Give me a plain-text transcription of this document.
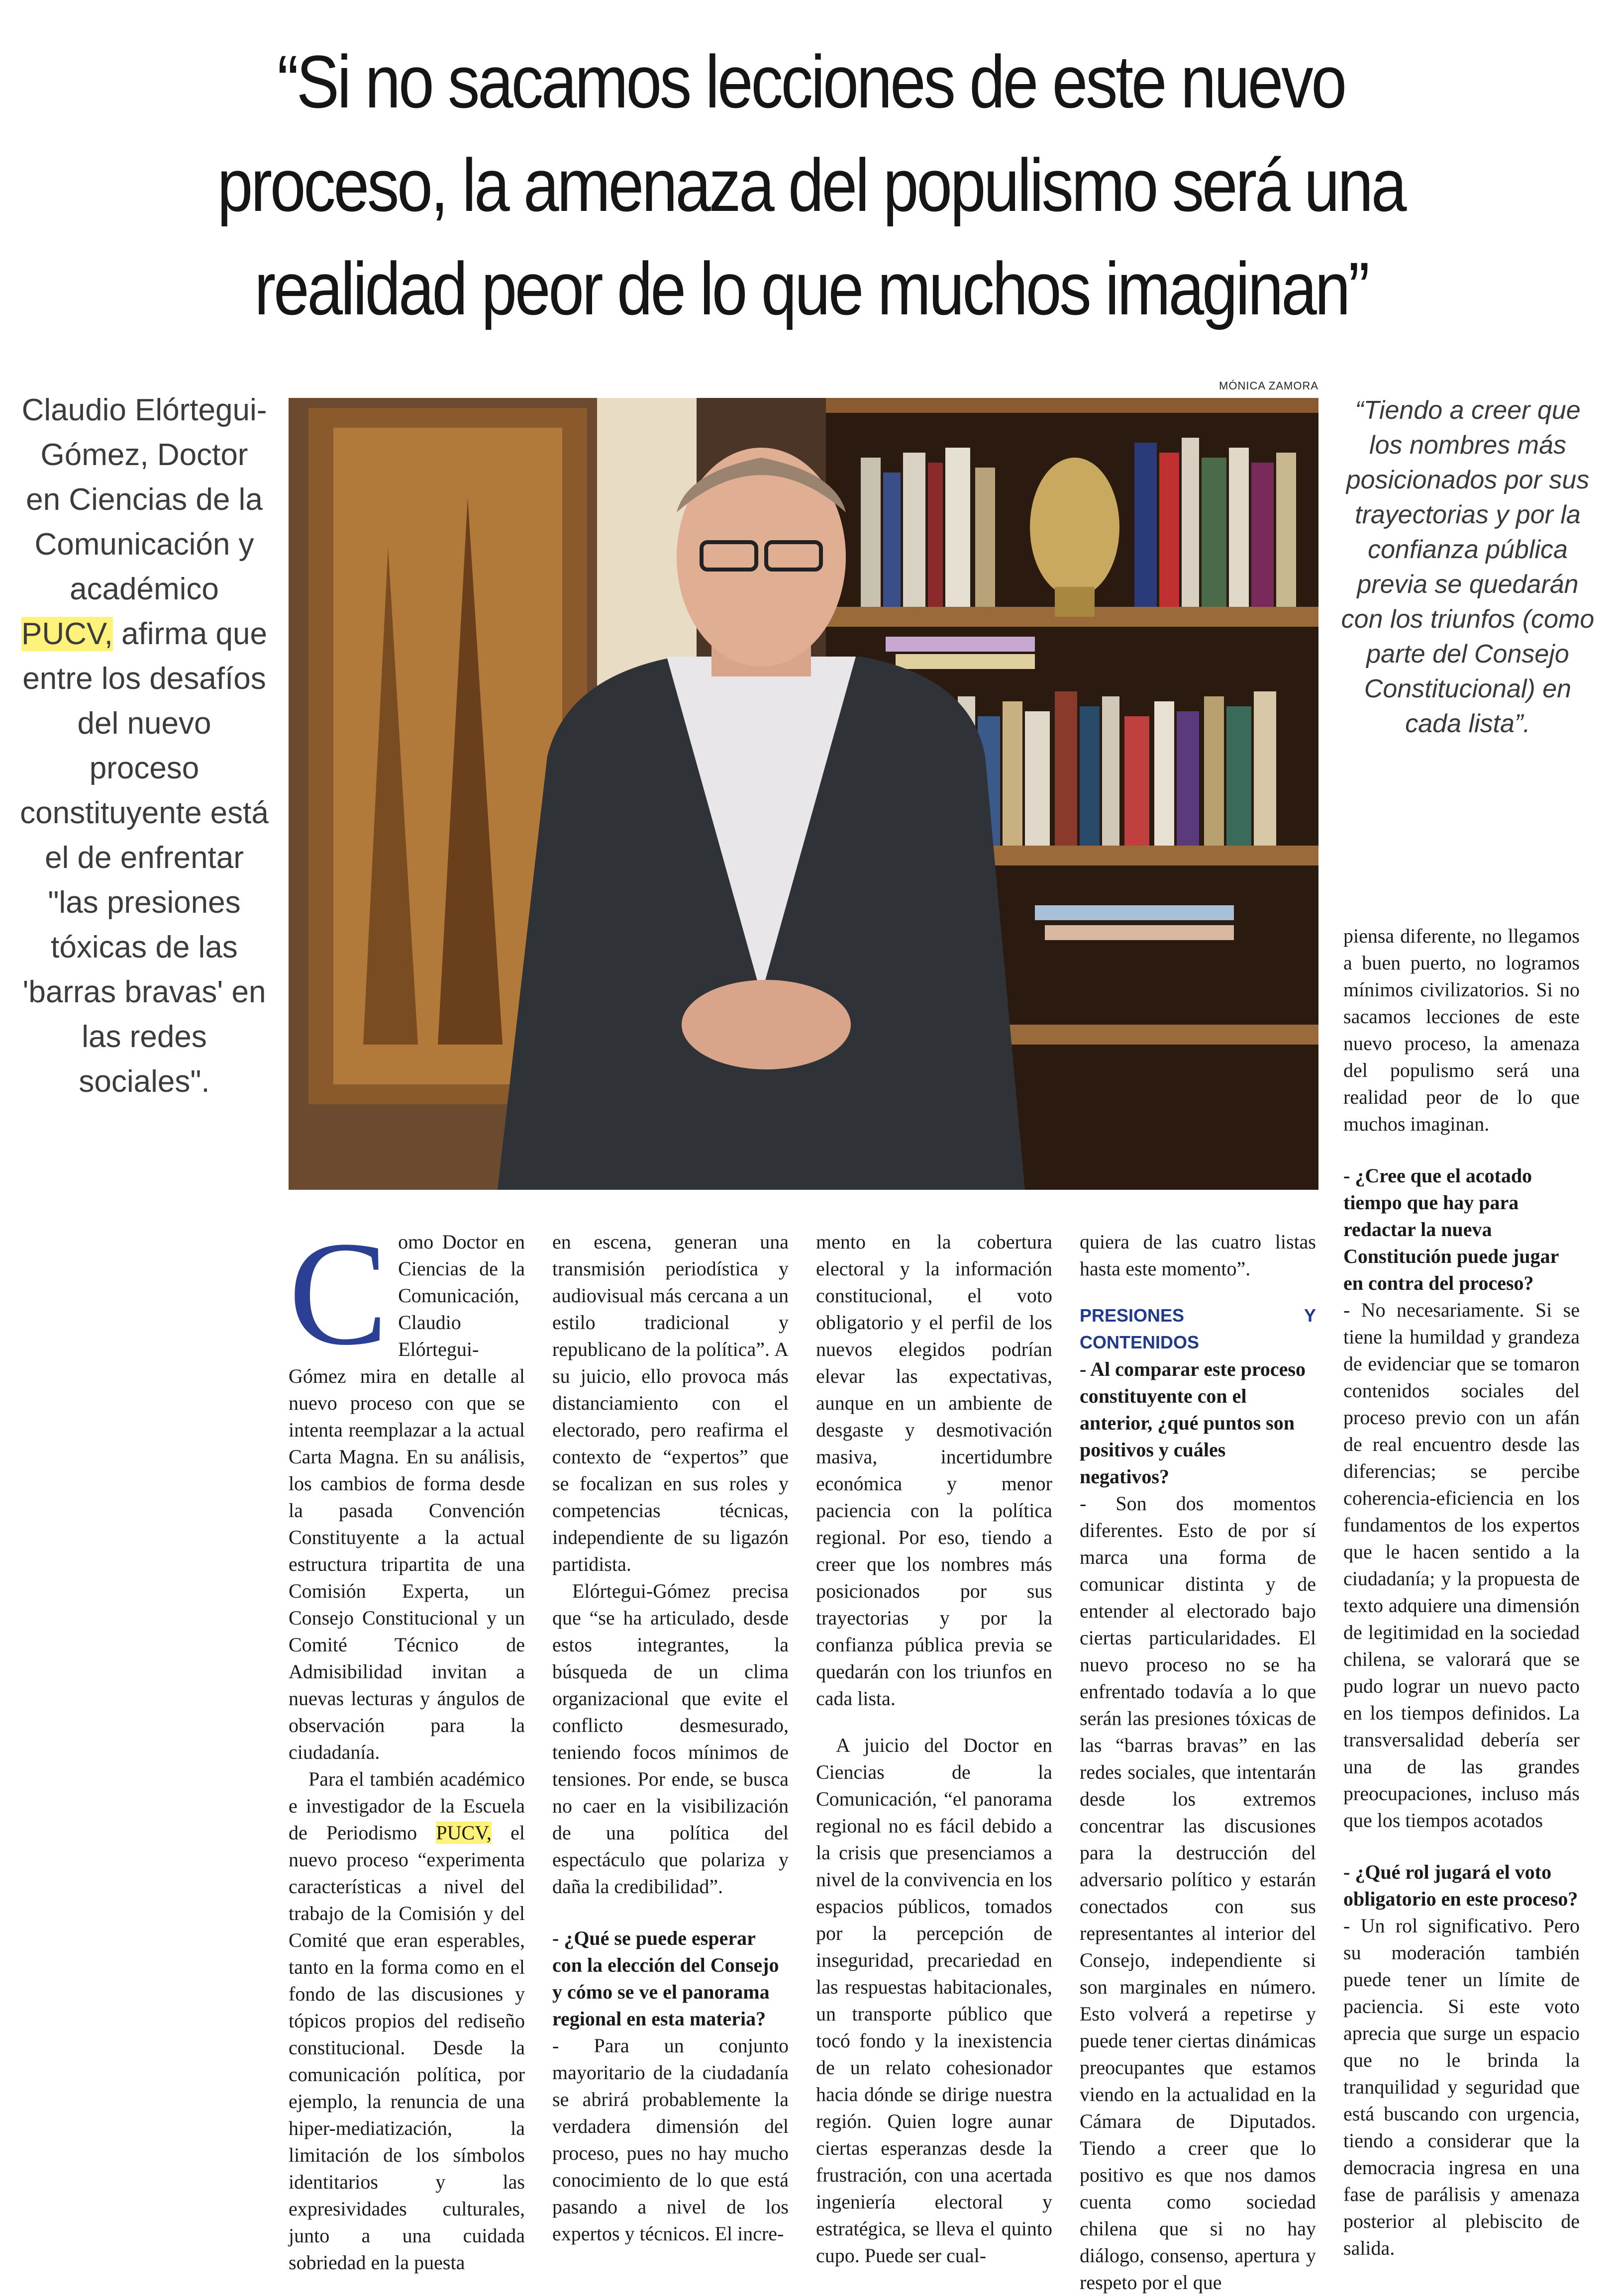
“Si no sacamos lecciones de este nuevo
proceso, la amenaza del populismo será una
realidad peor de lo que muchos imaginan”
Claudio Elórtegui-Gómez, Doctor en Ciencias de la Comunicación y académico PUCV, afirma que entre los desafíos del nuevo proceso constituyente está el de enfrentar "las presiones tóxicas de las 'barras bravas' en las redes sociales".
MÓNICA ZAMORA
“Tiendo a creer que los nombres más posicionados por sus trayectorias y por la confianza pública previa se quedarán con los triunfos (como parte del Consejo Constitucional) en cada lista”.

Como Doctor en Ciencias de la Comunicación, Claudio Elórtegui-Gómez mira en detalle al nuevo proceso con que se intenta reemplazar a la actual Carta Magna. En su análisis, los cambios de forma desde la pasada Convención Constituyente a la actual estructura tripartita de una Comisión Experta, un Consejo Constitucional y un Comité Técnico de Admisibilidad invitan a nuevas lecturas y ángulos de observación para la ciudadanía.

Para el también académico e investigador de la Escuela de Periodismo PUCV, el nuevo proceso “experimenta características a nivel del trabajo de la Comisión y del Comité que eran esperables, tanto en la forma como en el fondo de las discusiones y tópicos propios del rediseño constitucional. Desde la comunicación política, por ejemplo, la renuncia de una hiper-mediatización, la limitación de los símbolos identitarios y las expresividades culturales, junto a una cuidada sobriedad en la puesta

en escena, generan una transmisión periodística y audiovisual más cercana a un estilo tradicional y republicano de la política”. A su juicio, ello provoca más distanciamiento con el electorado, pero reafirma el contexto de “expertos” que se focalizan en sus roles y competencias técnicas, independiente de su ligazón partidista.

Elórtegui-Gómez precisa que “se ha articulado, desde estos integrantes, la búsqueda de un clima organizacional que evite el conflicto desmesurado, teniendo focos mínimos de tensiones. Por ende, se busca no caer en la visibilización de una política del espectáculo que polariza y daña la credibilidad”.

- ¿Qué se puede esperar con la elección del Consejo y cómo se ve el panorama regional en esta materia?

- Para un conjunto mayoritario de la ciudadanía se abrirá probablemente la verdadera dimensión del proceso, pues no hay mucho conocimiento de lo que está pasando a nivel de los expertos y técnicos. El incre-

mento en la cobertura electoral y la información constitucional, el voto obligatorio y el perfil de los nuevos elegidos podrían elevar las expectativas, aunque en un ambiente de desgaste y desmotivación masiva, incertidumbre económica y menor paciencia con la política regional. Por eso, tiendo a creer que los nombres más posicionados por sus trayectorias y por la confianza pública previa se quedarán con los triunfos en cada lista.

A juicio del Doctor en Ciencias de la Comunicación, “el panorama regional no es fácil debido a la crisis que presenciamos a nivel de la convivencia en los espacios públicos, tomados por la percepción de inseguridad, precariedad en las respuestas habitacionales, un transporte público que tocó fondo y la inexistencia de un relato cohesionador hacia dónde se dirige nuestra región. Quien logre aunar ciertas esperanzas desde la frustración, con una acertada ingeniería electoral y estratégica, se lleva el quinto cupo. Puede ser cual-

quiera de las cuatro listas hasta este momento”.

PRESIONES Y CONTENIDOS

- Al comparar este proceso constituyente con el anterior, ¿qué puntos son positivos y cuáles negativos?

- Son dos momentos diferentes. Esto de por sí marca una forma de comunicar distinta y de entender al electorado bajo ciertas particularidades. El nuevo proceso no se ha enfrentado todavía a lo que serán las presiones tóxicas de las “barras bravas” en las redes sociales, que intentarán desde los extremos concentrar las discusiones para la destrucción del adversario político y estarán conectados con sus representantes al interior del Consejo, independiente si son marginales en número. Esto volverá a repetirse y puede tener ciertas dinámicas preocupantes que estamos viendo en la actualidad en la Cámara de Diputados. Tiendo a creer que lo positivo es que nos damos cuenta como sociedad chilena que si no hay diálogo, consenso, apertura y respeto por el que

piensa diferente, no llegamos a buen puerto, no logramos mínimos civilizatorios. Si no sacamos lecciones de este nuevo proceso, la amenaza del populismo será una realidad peor de lo que muchos imaginan.

- ¿Cree que el acotado tiempo que hay para redactar la nueva Constitución puede jugar en contra del proceso?

- No necesariamente. Si se tiene la humildad y grandeza de evidenciar que se tomaron contenidos sociales del proceso previo con un afán de real encuentro desde las diferencias; se percibe coherencia-eficiencia en los fundamentos de los expertos que le hacen sentido a la ciudadanía; y la propuesta de texto adquiere una dimensión de legitimidad en la sociedad chilena, se valorará que se pudo lograr un nuevo pacto en los tiempos definidos. La transversalidad debería ser una de las grandes preocupaciones, incluso más que los tiempos acotados

- ¿Qué rol jugará el voto obligatorio en este proceso?

- Un rol significativo. Pero su moderación también puede tener un límite de paciencia. Si este voto aprecia que surge un espacio que no le brinda la tranquilidad y seguridad que está buscando con urgencia, tiendo a considerar que la democracia ingresa en una fase de parálisis y amenaza posterior al plebiscito de salida.
